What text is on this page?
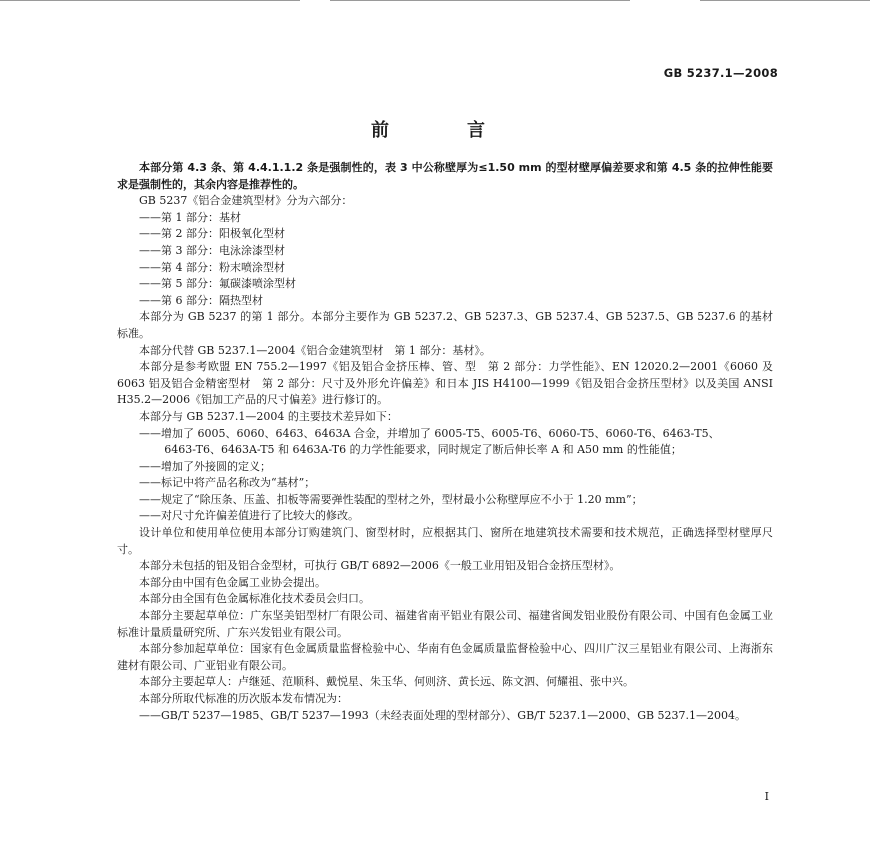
GB 5237.1—2008
前　　言

本部分第 4.3 条、第 4.4.1.1.2 条是强制性的，表 3 中公称壁厚为≤1.50 mm 的型材壁厚偏差要求和第 4.5 条的拉伸性能要求是强制性的，其余内容是推荐性的。

GB 5237《铝合金建筑型材》分为六部分：

——第 1 部分：基材

——第 2 部分：阳极氧化型材

——第 3 部分：电泳涂漆型材

——第 4 部分：粉末喷涂型材

——第 5 部分：氟碳漆喷涂型材

——第 6 部分：隔热型材

本部分为 GB 5237 的第 1 部分。本部分主要作为 GB 5237.2、GB 5237.3、GB 5237.4、GB 5237.5、GB 5237.6 的基材标准。

本部分代替 GB 5237.1—2004《铝合金建筑型材　第 1 部分：基材》。

本部分是参考欧盟 EN 755.2—1997《铝及铝合金挤压棒、管、型　第 2 部分：力学性能》、EN 12020.2—2001《6060 及 6063 铝及铝合金精密型材　第 2 部分：尺寸及外形允许偏差》和日本 JIS H4100—1999《铝及铝合金挤压型材》以及美国 ANSI H35.2—2006《铝加工产品的尺寸偏差》进行修订的。

本部分与 GB 5237.1—2004 的主要技术差异如下：

——增加了 6005、6060、6463、6463A 合金，并增加了 6005-T5、6005-T6、6060-T5、6060-T6、6463-T5、

6463-T6、6463A-T5 和 6463A-T6 的力学性能要求，同时规定了断后伸长率 A 和 A50 mm 的性能值；

——增加了外接圆的定义；

——标记中将产品名称改为“基材”；

——规定了“除压条、压盖、扣板等需要弹性装配的型材之外，型材最小公称壁厚应不小于 1.20 mm”；

——对尺寸允许偏差值进行了比较大的修改。

设计单位和使用单位使用本部分订购建筑门、窗型材时，应根据其门、窗所在地建筑技术需要和技术规范，正确选择型材壁厚尺寸。

本部分未包括的铝及铝合金型材，可执行 GB/T 6892—2006《一般工业用铝及铝合金挤压型材》。

本部分由中国有色金属工业协会提出。

本部分由全国有色金属标准化技术委员会归口。

本部分主要起草单位：广东坚美铝型材厂有限公司、福建省南平铝业有限公司、福建省闽发铝业股份有限公司、中国有色金属工业标准计量质量研究所、广东兴发铝业有限公司。

本部分参加起草单位：国家有色金属质量监督检验中心、华南有色金属质量监督检验中心、四川广汉三星铝业有限公司、上海浙东建材有限公司、广亚铝业有限公司。

本部分主要起草人：卢继延、范顺科、戴悦星、朱玉华、何则济、黄长远、陈文泗、何耀祖、张中兴。

本部分所取代标准的历次版本发布情况为：

——GB/T 5237—1985、GB/T 5237—1993（未经表面处理的型材部分）、GB/T 5237.1—2000、GB 5237.1—2004。

I
